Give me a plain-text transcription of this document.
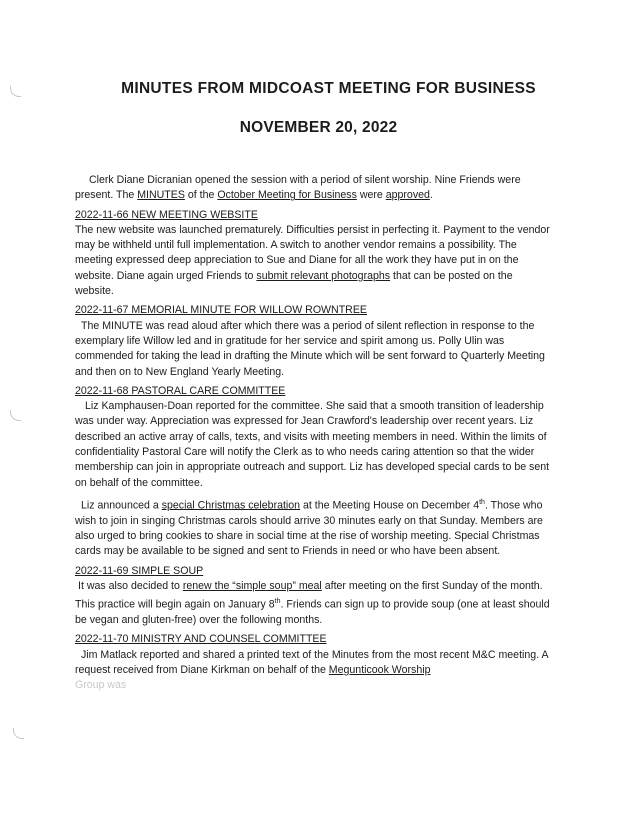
MINUTES FROM MIDCOAST MEETING FOR BUSINESS
NOVEMBER 20, 2022

Clerk Diane Dicranian opened the session with a period of silent worship. Nine Friends were present. The MINUTES of the October Meeting for Business were approved.

2022-11-66 NEW MEETING WEBSITE

The new website was launched prematurely. Difficulties persist in perfecting it. Payment to the vendor may be withheld until full implementation. A switch to another vendor remains a possibility. The meeting expressed deep appreciation to Sue and Diane for all the work they have put in on the website. Diane again urged Friends to submit relevant photographs that can be posted on the website.

2022-11-67 MEMORIAL MINUTE FOR WILLOW ROWNTREE

The MINUTE was read aloud after which there was a period of silent reflection in response to the exemplary life Willow led and in gratitude for her service and spirit among us. Polly Ulin was commended for taking the lead in drafting the Minute which will be sent forward to Quarterly Meeting and then on to New England Yearly Meeting.

2022-11-68 PASTORAL CARE COMMITTEE

Liz Kamphausen-Doan reported for the committee. She said that a smooth transition of leadership was under way. Appreciation was expressed for Jean Crawford's leadership over recent years. Liz described an active array of calls, texts, and visits with meeting members in need. Within the limits of confidentiality Pastoral Care will notify the Clerk as to who needs caring attention so that the wider membership can join in appropriate outreach and support. Liz has developed special cards to be sent on behalf of the committee.

Liz announced a special Christmas celebration at the Meeting House on December 4th. Those who wish to join in singing Christmas carols should arrive 30 minutes early on that Sunday. Members are also urged to bring cookies to share in social time at the rise of worship meeting. Special Christmas cards may be available to be signed and sent to Friends in need or who have been absent.

2022-11-69 SIMPLE SOUP

It was also decided to renew the “simple soup” meal after meeting on the first Sunday of the month. This practice will begin again on January 8th. Friends can sign up to provide soup (one at least should be vegan and gluten-free) over the following months.

2022-11-70 MINISTRY AND COUNSEL COMMITTEE

Jim Matlack reported and shared a printed text of the Minutes from the most recent M&C meeting. A request received from Diane Kirkman on behalf of the Megunticook Worship

Group was
